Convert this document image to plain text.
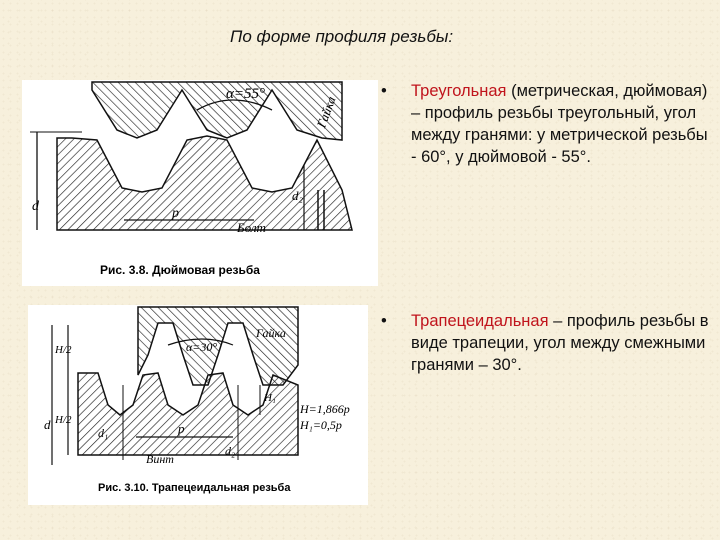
По форме профиля резьбы:
α=55°
Гайка
Болт
p
d
d₂
Рис. 3.8. Дюймовая резьба
α=30°
Гайка
Винт
p
d
d₁
d₂
H/2
H/2
H₁
H=1,866p
H₁=0,5p
Рис. 3.10. Трапецеидальная резьба
•	Треугольная (метрическая, дюймовая) – профиль резьбы треугольный, угол между гранями: у метрической резьбы - 60°, у дюймовой - 55°.
•	Трапецеидальная – профиль резьбы в виде трапеции, угол между смежными гранями – 30°.
